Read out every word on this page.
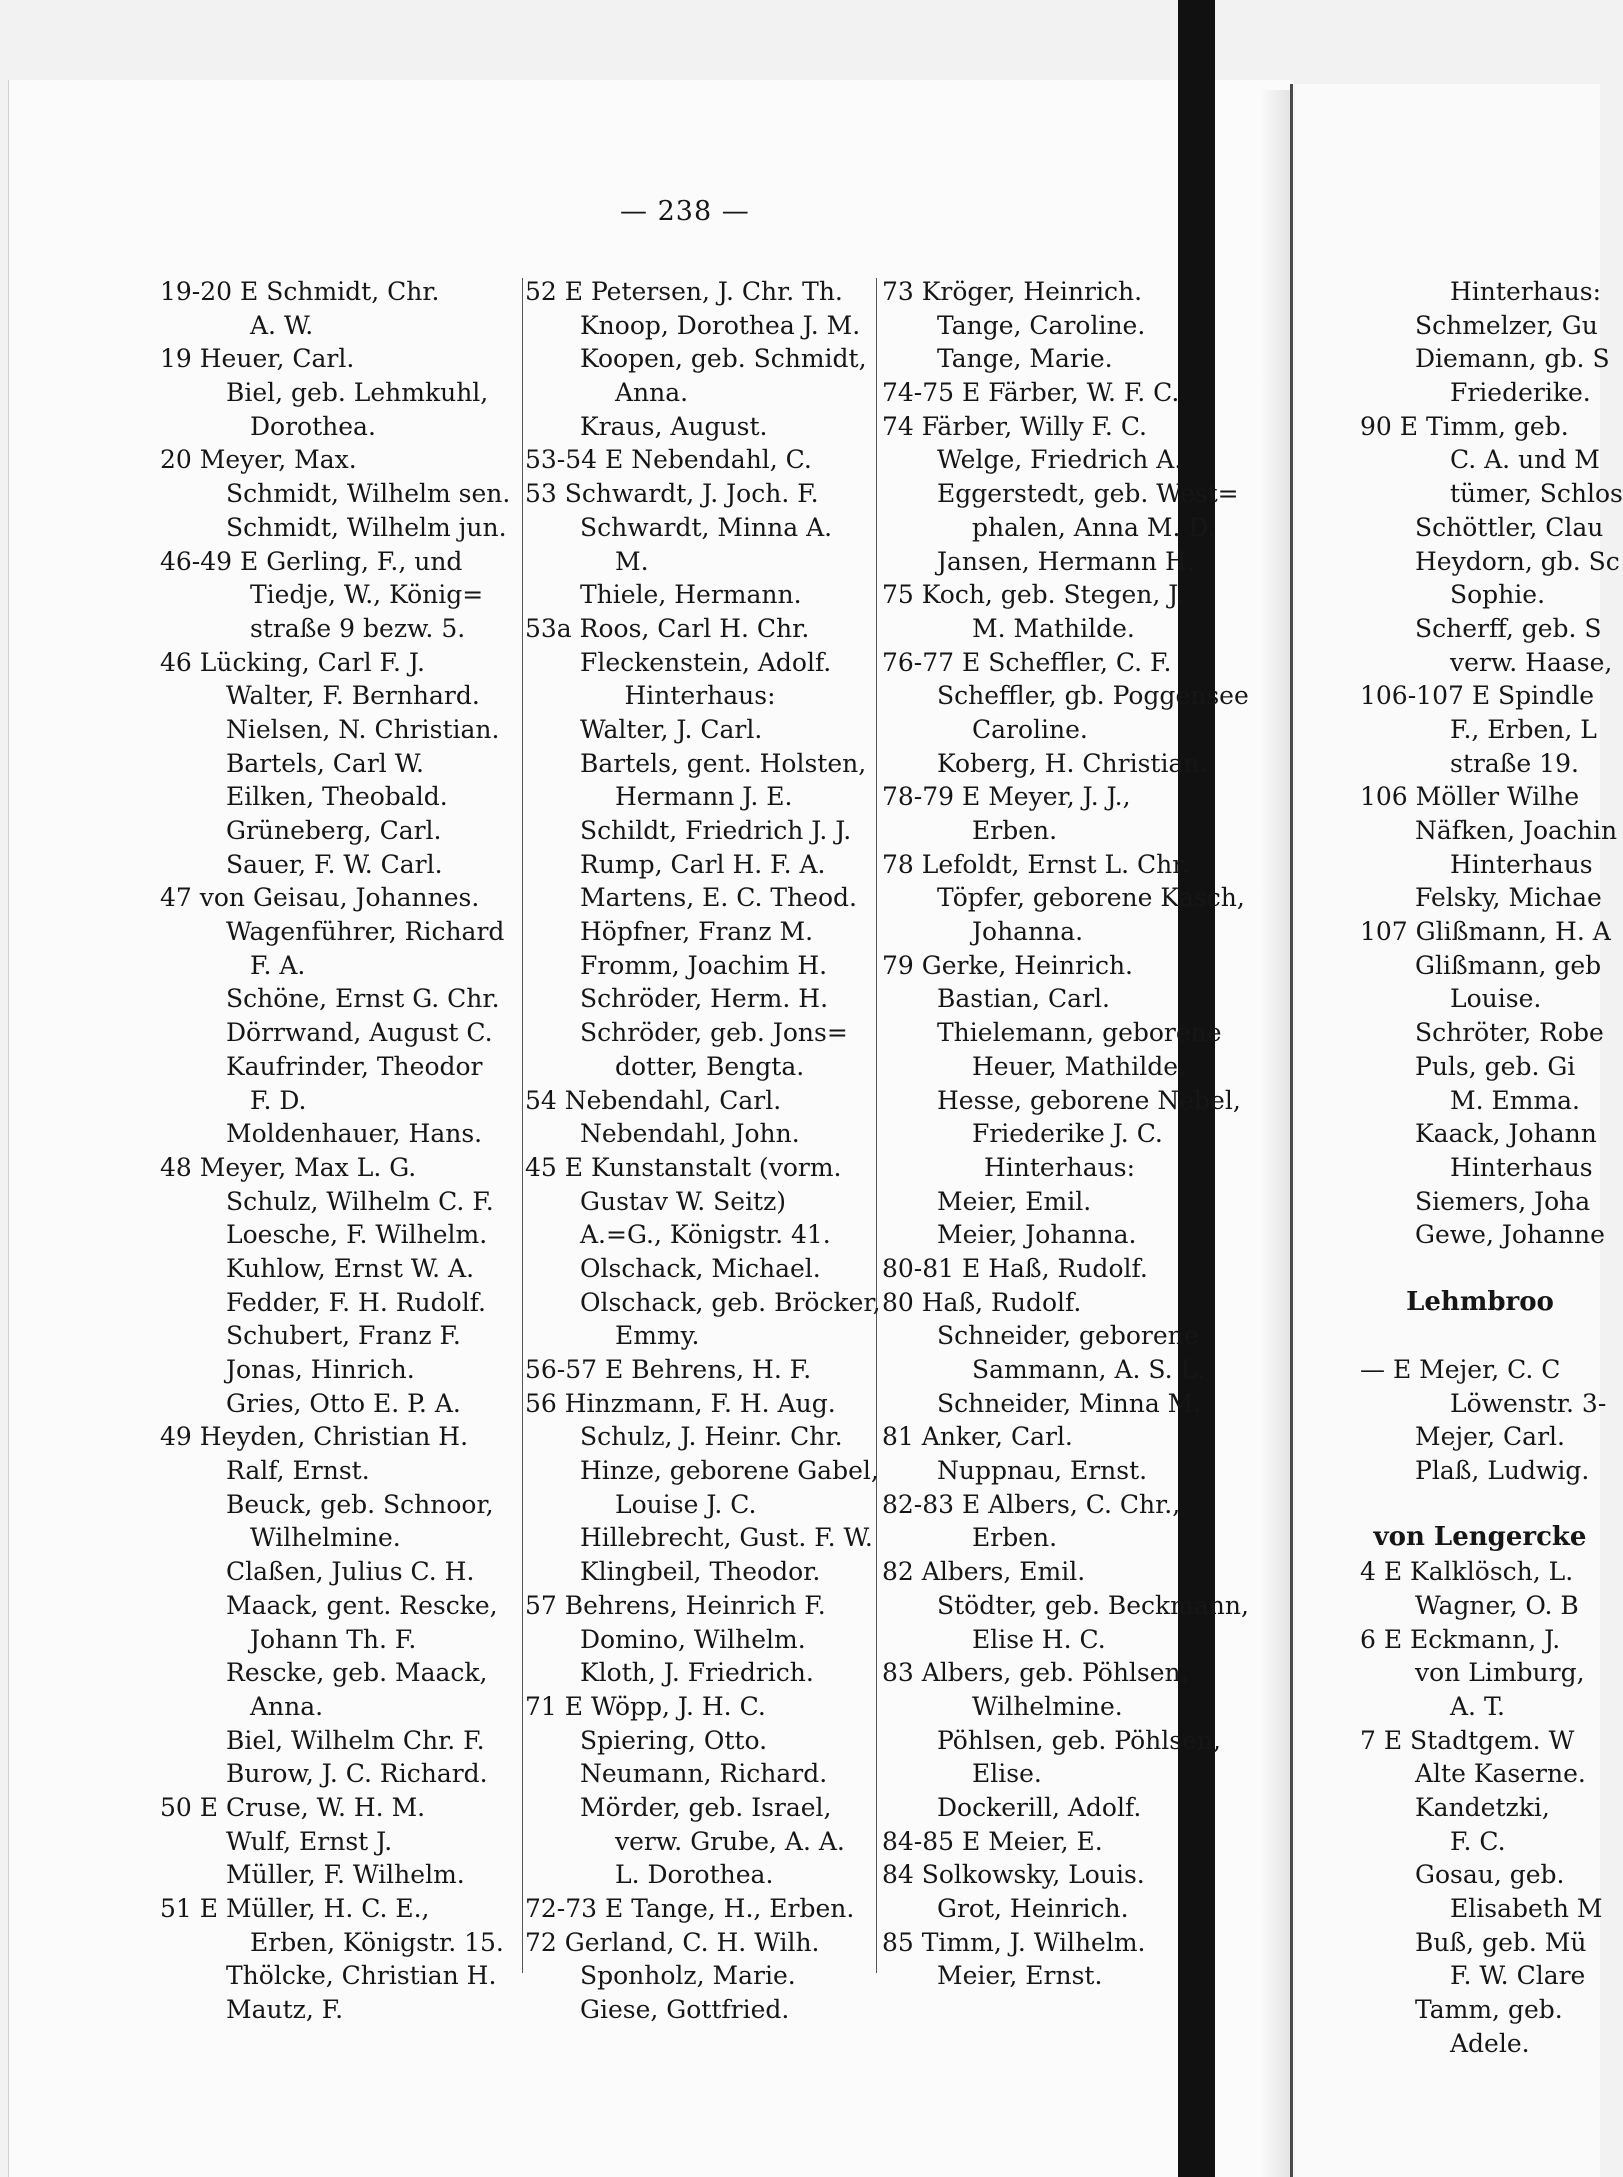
— 238 —
19-20 E Schmidt, Chr.
A. W.
19 Heuer, Carl.
Biel, geb. Lehmkuhl,
Dorothea.
20 Meyer, Max.
Schmidt, Wilhelm sen.
Schmidt, Wilhelm jun.
46-49 E Gerling, F., und
Tiedje, W., König=
straße 9 bezw. 5.
46 Lücking, Carl F. J.
Walter, F. Bernhard.
Nielsen, N. Christian.
Bartels, Carl W.
Eilken, Theobald.
Grüneberg, Carl.
Sauer, F. W. Carl.
47 von Geisau, Johannes.
Wagenführer, Richard
F. A.
Schöne, Ernst G. Chr.
Dörrwand, August C.
Kaufrinder, Theodor
F. D.
Moldenhauer, Hans.
48 Meyer, Max L. G.
Schulz, Wilhelm C. F.
Loesche, F. Wilhelm.
Kuhlow, Ernst W. A.
Fedder, F. H. Rudolf.
Schubert, Franz F.
Jonas, Hinrich.
Gries, Otto E. P. A.
49 Heyden, Christian H.
Ralf, Ernst.
Beuck, geb. Schnoor,
Wilhelmine.
Claßen, Julius C. H.
Maack, gent. Rescke,
Johann Th. F.
Rescke, geb. Maack,
Anna.
Biel, Wilhelm Chr. F.
Burow, J. C. Richard.
50 E Cruse, W. H. M.
Wulf, Ernst J.
Müller, F. Wilhelm.
51 E Müller, H. C. E.,
Erben, Königstr. 15.
Thölcke, Christian H.
Mautz, F.
52 E Petersen, J. Chr. Th.
Knoop, Dorothea J. M.
Koopen, geb. Schmidt,
Anna.
Kraus, August.
53-54 E Nebendahl, C.
53 Schwardt, J. Joch. F.
Schwardt, Minna A.
M.
Thiele, Hermann.
53a Roos, Carl H. Chr.
Fleckenstein, Adolf.
Hinterhaus:
Walter, J. Carl.
Bartels, gent. Holsten,
Hermann J. E.
Schildt, Friedrich J. J.
Rump, Carl H. F. A.
Martens, E. C. Theod.
Höpfner, Franz M.
Fromm, Joachim H.
Schröder, Herm. H.
Schröder, geb. Jons=
dotter, Bengta.
54 Nebendahl, Carl.
Nebendahl, John.
45 E Kunstanstalt (vorm.
Gustav W. Seitz)
A.=G., Königstr. 41.
Olschack, Michael.
Olschack, geb. Bröcker,
Emmy.
56-57 E Behrens, H. F.
56 Hinzmann, F. H. Aug.
Schulz, J. Heinr. Chr.
Hinze, geborene Gabel,
Louise J. C.
Hillebrecht, Gust. F. W.
Klingbeil, Theodor.
57 Behrens, Heinrich F.
Domino, Wilhelm.
Kloth, J. Friedrich.
71 E Wöpp, J. H. C.
Spiering, Otto.
Neumann, Richard.
Mörder, geb. Israel,
verw. Grube, A. A.
L. Dorothea.
72-73 E Tange, H., Erben.
72 Gerland, C. H. Wilh.
Sponholz, Marie.
Giese, Gottfried.
73 Kröger, Heinrich.
Tange, Caroline.
Tange, Marie.
74-75 E Färber, W. F. C.
74 Färber, Willy F. C.
Welge, Friedrich A.
Eggerstedt, geb. West=
phalen, Anna M. D.
Jansen, Hermann H.
75 Koch, geb. Stegen, J.
M. Mathilde.
76-77 E Scheffler, C. F.
Scheffler, gb. Poggensee
Caroline.
Koberg, H. Christian.
78-79 E Meyer, J. J.,
Erben.
78 Lefoldt, Ernst L. Chr.
Töpfer, geborene Kasch,
Johanna.
79 Gerke, Heinrich.
Bastian, Carl.
Thielemann, geborene
Heuer, Mathilde.
Hesse, geborene Nebel,
Friederike J. C.
Hinterhaus:
Meier, Emil.
Meier, Johanna.
80-81 E Haß, Rudolf.
80 Haß, Rudolf.
Schneider, geborene
Sammann, A. S. L.
Schneider, Minna M.
81 Anker, Carl.
Nuppnau, Ernst.
82-83 E Albers, C. Chr.,
Erben.
82 Albers, Emil.
Stödter, geb. Beckmann,
Elise H. C.
83 Albers, geb. Pöhlsen,
Wilhelmine.
Pöhlsen, geb. Pöhlsen,
Elise.
Dockerill, Adolf.
84-85 E Meier, E.
84 Solkowsky, Louis.
Grot, Heinrich.
85 Timm, J. Wilhelm.
Meier, Ernst.
Hinterhaus:
Schmelzer, Gu
Diemann, gb. S
Friederike.
90 E Timm, geb.
C. A. und M
tümer, Schlos
Schöttler, Clau
Heydorn, gb. Sc
Sophie.
Scherff, geb. S
verw. Haase,
106-107 E Spindle
F., Erben, L
straße 19.
106 Möller Wilhe
Näfken, Joachin
Hinterhaus
Felsky, Michae
107 Glißmann, H. A
Glißmann, geb
Louise.
Schröter, Robe
Puls, geb. Gi
M. Emma.
Kaack, Johann
Hinterhaus
Siemers, Joha
Gewe, Johanne
Lehmbroo
— E Mejer, C. C
Löwenstr. 3-
Mejer, Carl.
Plaß, Ludwig.
von Lengercke
4 E Kalklösch, L.
Wagner, O. B
6 E Eckmann, J.
von Limburg,
A. T.
7 E Stadtgem. W
Alte Kaserne.
Kandetzki,
F. C.
Gosau, geb.
Elisabeth M
Buß, geb. Mü
F. W. Clare
Tamm, geb.
Adele.
